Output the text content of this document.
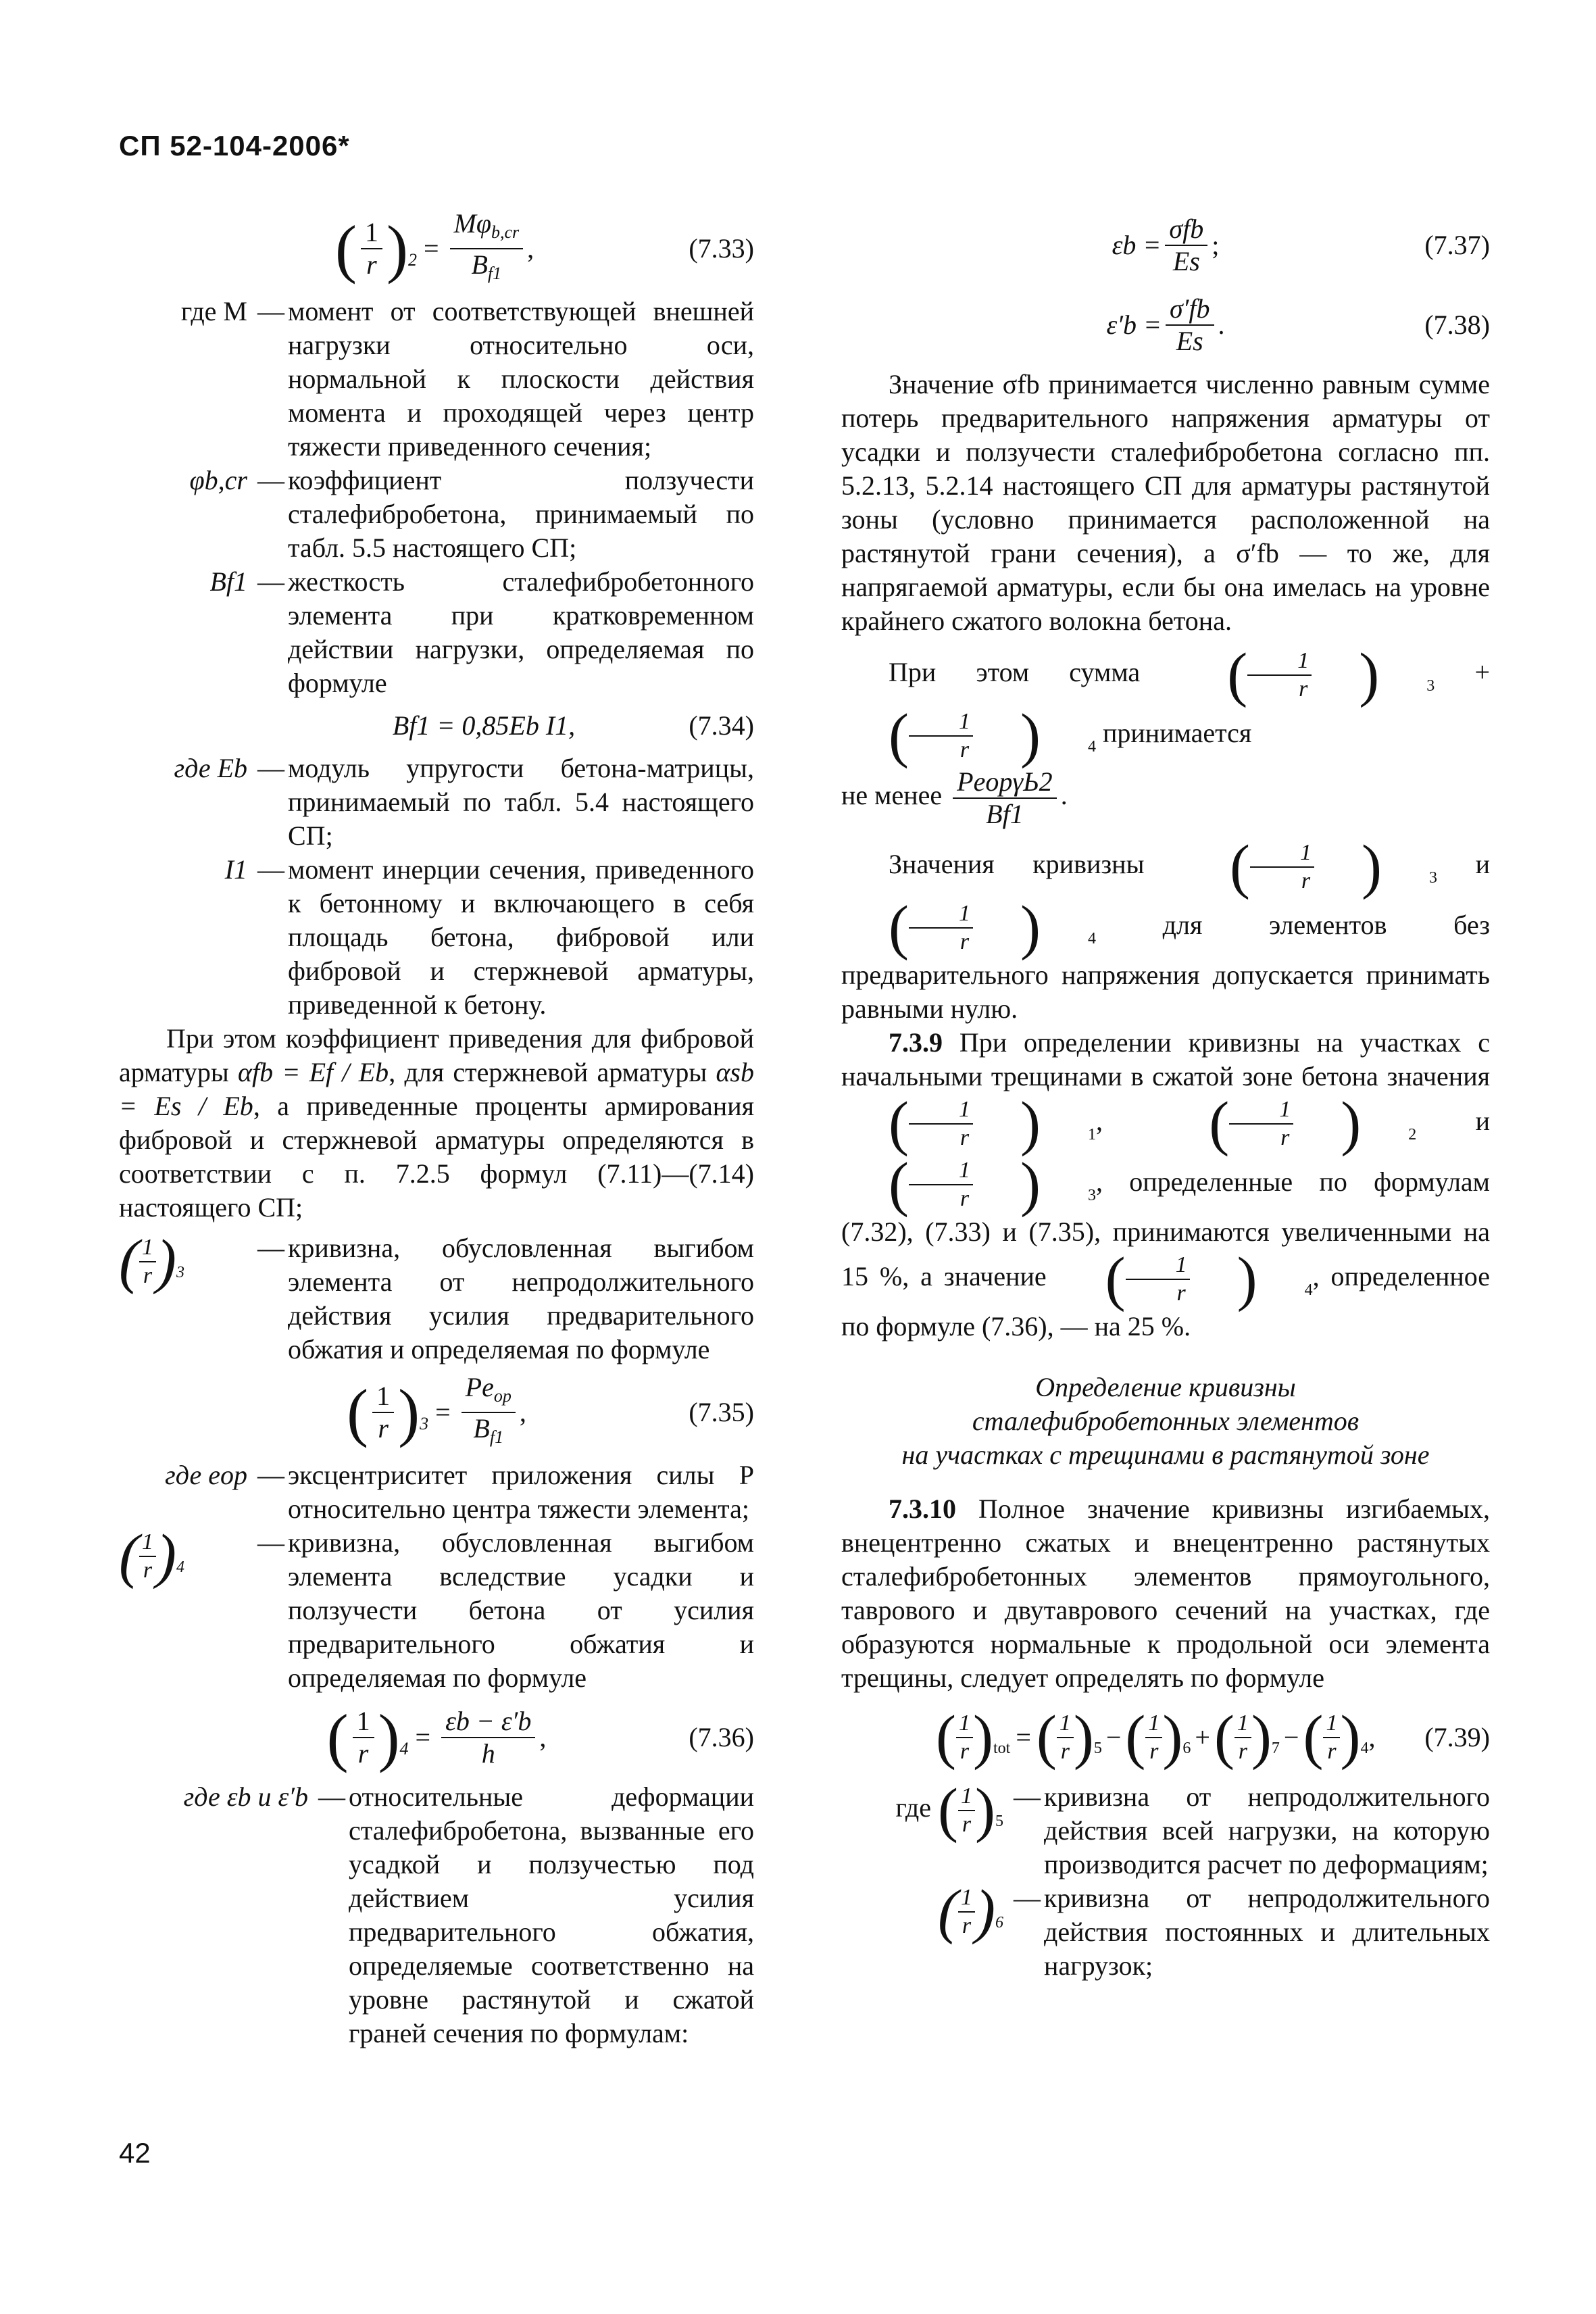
СП 52-104-2006*
( $\frac{1}{r}$ ) $2 = \frac{M\varphi_{b,cr}}{B_{f1}}$ ,	(7.33)
где M — момент от соответствующей внешней нагрузки относительно оси, нормальной к плоскости действия момента и проходящей через центр тяжести приведенного сечения;
φb,cr — коэффициент ползучести сталефибробетона, принимаемый по табл. 5.5 настоящего СП;
Bf1 — жесткость сталефибробетонного элемента при кратковременном действии нагрузки, определяемая по формуле
Bf1 = 0,85Eb I1,	(7.34)
где Eb — модуль упругости бетона-матрицы, принимаемый по табл. 5.4 настоящего СП;
I1 — момент инерции сечения, приведенного к бетонному и включающего в себя площадь бетона, фибровой или фибровой и стержневой арматуры, приведенной к бетону.

При этом коэффициент приведения для фибровой арматуры αfb = Ef / Eb, для стержневой арматуры αsb = Es / Eb, а приведенные проценты армирования фибровой и стержневой арматуры определяются в соответствии с п. 7.2.5 формул (7.11)—(7.14) настоящего СП;

( 1
r ) 3
— кривизна, обусловленная выгибом элемента от непродолжительного действия усилия предварительного обжатия и определяемая по формуле
( $\frac{1}{r}$ ) $3 = \frac{Pe_{op}}{B_{f1}}$ ,	(7.35)
где eop — эксцентриситет приложения силы P относительно центра тяжести элемента;
( 1
r ) 4
— кривизна, обусловленная выгибом элемента вследствие усадки и ползучести бетона от усилия предварительного обжатия и определяемая по формуле
( $\frac{1}{r}$ ) $4 = \frac{\varepsilon b - \varepsilon'b}{h}$ ,	(7.36)
где εb и ε′b — относительные деформации сталефибробетона, вызванные его усадкой и ползучестью под действием усилия предварительного обжатия, определяемые соответственно на уровне растянутой и сжатой граней сечения по формулам:
$\varepsilon b = \frac{\text{σfb}}{Es}$ ;	(7.37)
$\varepsilon'b = \frac{\sigma'fb}{Es}$ .	(7.38)

Значение σfb принимается численно равным сумме потерь предварительного напряжения арматуры от усадки и ползучести сталефибробетона согласно пп. 5.2.13, 5.2.14 настоящего СП для арматуры растянутой зоны (условно принимается расположенной на растянутой грани сечения), а σ′fb — то же, для напрягаемой арматуры, если бы она имелась на уровне крайнего сжатого волокна бетона.

При этом сумма	(	1
r )	3 +
(	1
r )	4 принимается

не менее $\frac{\text{PeopγЬ2}}{Bf1}$ .

Значения кривизны	(	1
r )	3 и
(	1
r )	4 для элементов без предварительного напряжения допускается принимать равными нулю.

7.3.9 При определении кривизны на участках с начальными трещинами в сжатой зоне бетона значения
(	1
r )	1 , (	1
r )	2 и
(	1
r )	3 , определенные по формулам (7.32), (7.33) и (7.35), принимаются увеличенными на 15 %, а значение (	1
r )	4 , определенное по формуле (7.36), — на 25 %.

Определение кривизны
сталефибробетонных элементов
на участках с трещинами в растянутой зоне

7.3.10 Полное значение кривизны изгибаемых, внецентренно сжатых и внецентренно растянутых сталефибробетонных элементов прямоугольного, таврового и двутаврового сечений на участках, где образуются нормальные к продольной оси элемента трещины, следует определять по формуле

( 1
r ) tot = ( 1
r ) 5 − ( 1
r ) 6 + ( 1
r ) 7 − ( 1
r ) 4 , (7.39)
где ( 1
r ) 5
— кривизна от непродолжительного действия всей нагрузки, на которую производится расчет по деформациям;
( 1
r ) 6
— кривизна от непродолжительного действия постоянных и длительных нагрузок;
42
